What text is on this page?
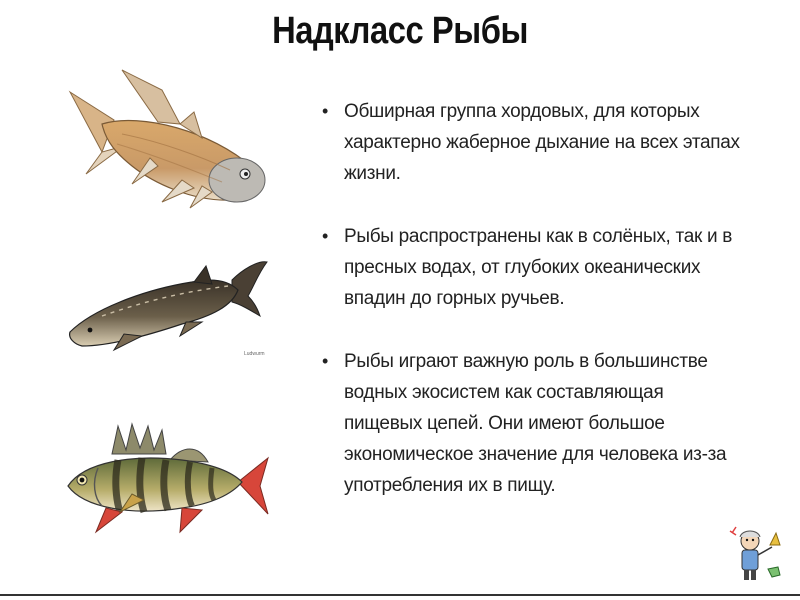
Надкласс Рыбы
Ludwurm
• Обширная группа хордовых, для которых характерно жаберное дыхание на всех этапах жизни.
• Рыбы распространены как в солёных, так и в пресных водах, от глубоких океанических впадин до горных ручьев.
• Рыбы играют важную роль в большинстве водных экосистем как составляющая пищевых цепей. Они имеют большое экономическое значение для человека из-за употребления их в пищу.
